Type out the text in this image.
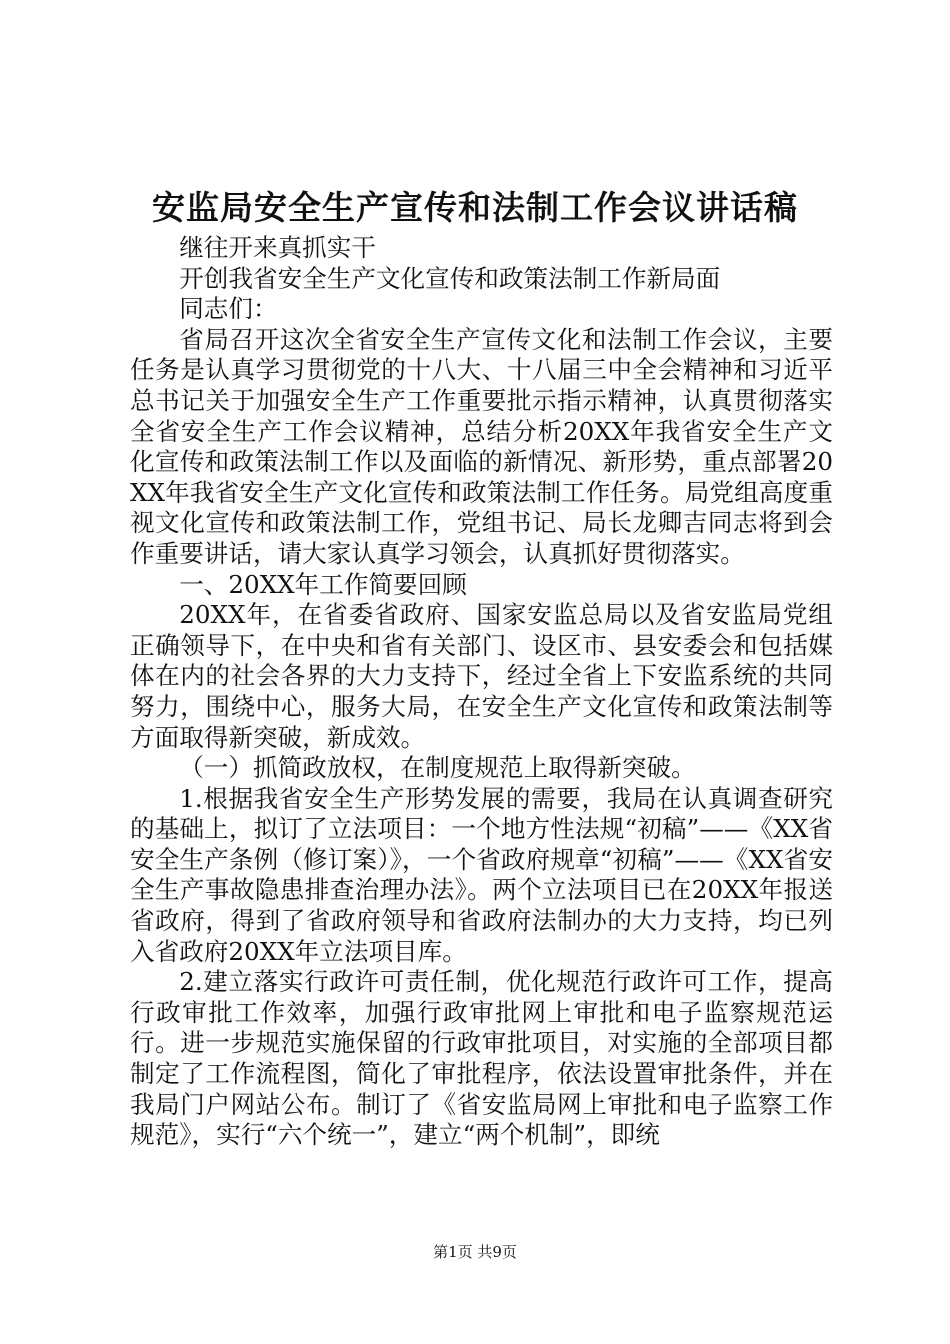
安监局安全生产宣传和法制工作会议讲话稿

继往开来真抓实干

开创我省安全生产文化宣传和政策法制工作新局面

同志们：

省局召开这次全省安全生产宣传文化和法制工作会议，主要任务是认真学习贯彻党的十八大、十八届三中全会精神和习近平总书记关于加强安全生产工作重要批示指示精神，认真贯彻落实全省安全生产工作会议精神，总结分析20XX年我省安全生产文化宣传和政策法制工作以及面临的新情况、新形势，重点部署20XX年我省安全生产文化宣传和政策法制工作任务。局党组高度重视文化宣传和政策法制工作，党组书记、局长龙卿吉同志将到会作重要讲话，请大家认真学习领会，认真抓好贯彻落实。

一、20XX年工作简要回顾

20XX年，在省委省政府、国家安监总局以及省安监局党组正确领导下，在中央和省有关部门、设区市、县安委会和包括媒体在内的社会各界的大力支持下，经过全省上下安监系统的共同努力，围绕中心，服务大局，在安全生产文化宣传和政策法制等方面取得新突破，新成效。

（一）抓简政放权，在制度规范上取得新突破。

1.根据我省安全生产形势发展的需要，我局在认真调查研究的基础上，拟订了立法项目：一个地方性法规“初稿”——《XX省安全生产条例（修订案）》，一个省政府规章“初稿”——《XX省安全生产事故隐患排查治理办法》。两个立法项目已在20XX年报送省政府，得到了省政府领导和省政府法制办的大力支持，均已列入省政府20XX年立法项目库。

2.建立落实行政许可责任制，优化规范行政许可工作，提高行政审批工作效率，加强行政审批网上审批和电子监察规范运行。进一步规范实施保留的行政审批项目，对实施的全部项目都制定了工作流程图，简化了审批程序，依法设置审批条件，并在我局门户网站公布。制订了《省安监局网上审批和电子监察工作规范》，实行“六个统一”，建立“两个机制”，即统

第1页 共9页
